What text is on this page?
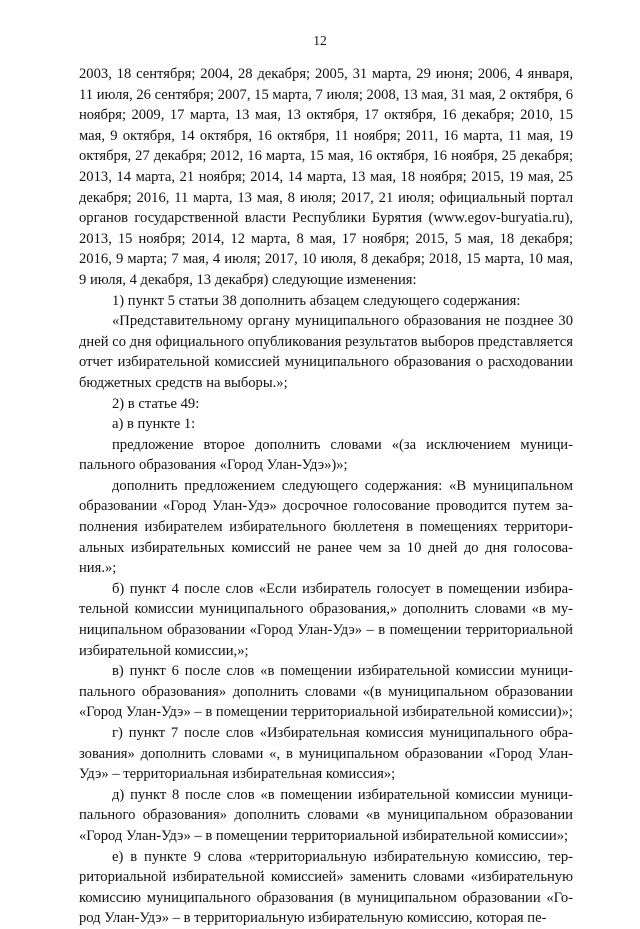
12

2003, 18 сентября; 2004, 28 декабря; 2005, 31 марта, 29 июня; 2006, 4 января, 11 июля, 26 сентября; 2007, 15 марта, 7 июля; 2008, 13 мая, 31 мая, 2 октября, 6 ноября; 2009, 17 марта, 13 мая, 13 октября, 17 октября, 16 декабря; 2010, 15 мая, 9 октября, 14 октября, 16 октября, 11 ноября; 2011, 16 марта, 11 мая, 19 октября, 27 декабря; 2012, 16 марта, 15 мая, 16 октября, 16 ноября, 25 декабря; 2013, 14 марта, 21 ноября; 2014, 14 марта, 13 мая, 18 ноября; 2015, 19 мая, 25 декабря; 2016, 11 марта, 13 мая, 8 июля; 2017, 21 июля; официальный портал органов государственной власти Республики Бурятия (www.egov-buryatia.ru), 2013, 15 ноября; 2014, 12 марта, 8 мая, 17 ноября; 2015, 5 мая, 18 декабря; 2016, 9 марта; 7 мая, 4 июля; 2017, 10 июля, 8 декабря; 2018, 15 марта, 10 мая, 9 июля, 4 декабря, 13 декабря) следующие изменения:

1) пункт 5 статьи 38 дополнить абзацем следующего содержания:

«Представительному органу муниципального образования не позднее 30 дней со дня официального опубликования результатов выборов представляется отчет избирательной комиссией муниципального образования о расходовании бюджетных средств на выборы.»;

2) в статье 49:

а) в пункте 1:

предложение второе дополнить словами «(за исключением муниципального образования «Город Улан-Удэ»)»;

дополнить предложением следующего содержания: «В муниципальном образовании «Город Улан-Удэ» досрочное голосование проводится путем заполнения избирателем избирательного бюллетеня в помещениях территориальных избирательных комиссий не ранее чем за 10 дней до дня голосования.»;

б) пункт 4 после слов «Если избиратель голосует в помещении избирательной комиссии муниципального образования,» дополнить словами «в муниципальном образовании «Город Улан-Удэ» – в помещении территориальной избирательной комиссии,»;

в) пункт 6 после слов «в помещении избирательной комиссии муниципального образования» дополнить словами «(в муниципальном образовании «Город Улан-Удэ» – в помещении территориальной избирательной комиссии)»;

г) пункт 7 после слов «Избирательная комиссия муниципального образования» дополнить словами «, в муниципальном образовании «Город Улан-Удэ» – территориальная избирательная комиссия»;

д) пункт 8 после слов «в помещении избирательной комиссии муниципального образования» дополнить словами «в муниципальном образовании «Город Улан-Удэ» – в помещении территориальной избирательной комиссии»;

е) в пункте 9 слова «территориальную избирательную комиссию, территориальной избирательной комиссией» заменить словами «избирательную комиссию муниципального образования (в муниципальном образовании «Город Улан-Удэ» – в территориальную избирательную комиссию, которая пе-
